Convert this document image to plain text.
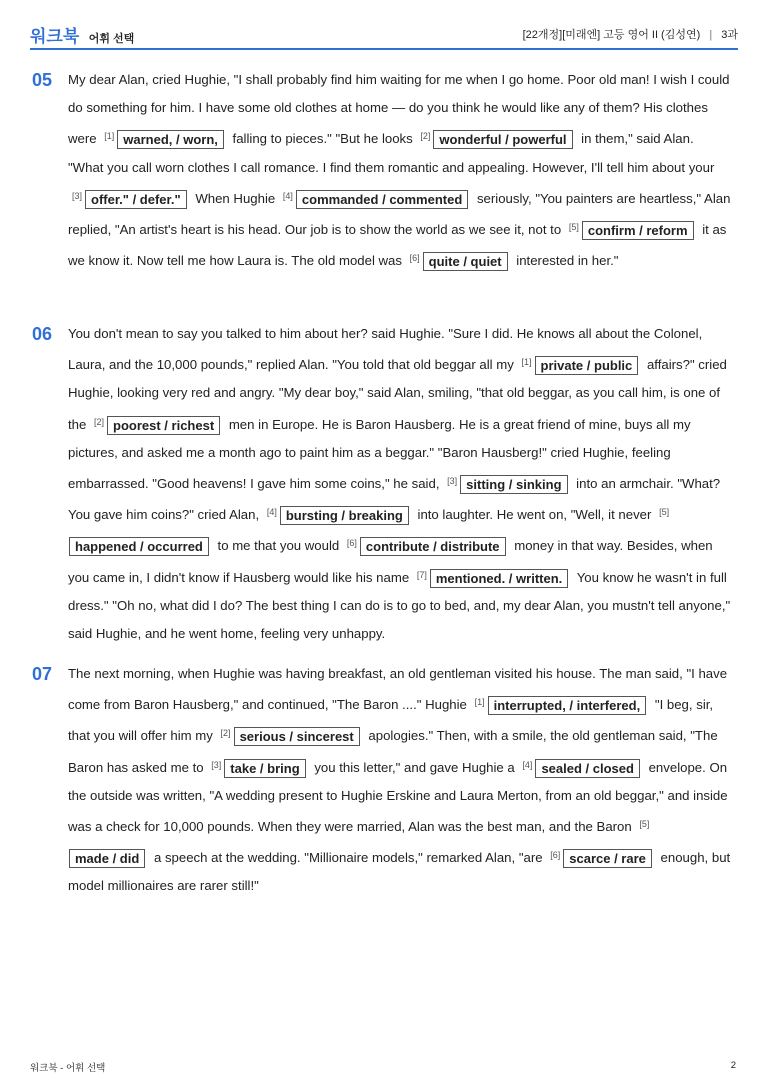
워크북 어휘 선택	[22개정][미래엔] 고등 영어 II (김성연) | 3과
05 My dear Alan, cried Hughie, "I shall probably find him waiting for me when I go home. Poor old man! I wish I could do something for him. I have some old clothes at home — do you think he would like any of them? His clothes were [1] warned, / worn, falling to pieces." "But he looks [2] wonderful / powerful in them," said Alan. "What you call worn clothes I call romance. I find them romantic and appealing. However, I'll tell him about your [3] offer." / defer." When Hughie [4] commanded / commented seriously, "You painters are heartless," Alan replied, "An artist's heart is his head. Our job is to show the world as we see it, not to [5] confirm / reform it as we know it. Now tell me how Laura is. The old model was [6] quite / quiet interested in her."
06 You don't mean to say you talked to him about her? said Hughie. "Sure I did. He knows all about the Colonel, Laura, and the 10,000 pounds," replied Alan. "You told that old beggar all my [1] private / public affairs?" cried Hughie, looking very red and angry. "My dear boy," said Alan, smiling, "that old beggar, as you call him, is one of the [2] poorest / richest men in Europe. He is Baron Hausberg. He is a great friend of mine, buys all my pictures, and asked me a month ago to paint him as a beggar." "Baron Hausberg!" cried Hughie, feeling embarrassed. "Good heavens! I gave him some coins," he said, [3] sitting / sinking into an armchair. "What? You gave him coins?" cried Alan, [4] bursting / breaking into laughter. He went on, "Well, it never [5]happened / occurred to me that you would [6] contribute / distribute money in that way. Besides, when you came in, I didn't know if Hausberg would like his name [7] mentioned. / written. You know he wasn't in full dress." "Oh no, what did I do? The best thing I can do is to go to bed, and, my dear Alan, you mustn't tell anyone," said Hughie, and he went home, feeling very unhappy.
07 The next morning, when Hughie was having breakfast, an old gentleman visited his house. The man said, "I have come from Baron Hausberg," and continued, "The Baron ...." Hughie [1] interrupted, / interfered, "I beg, sir, that you will offer him my [2] serious / sincerest apologies." Then, with a smile, the old gentleman said, "The Baron has asked me to [3] take / bring you this letter," and gave Hughie a [4] sealed / closed envelope. On the outside was written, "A wedding present to Hughie Erskine and Laura Merton, from an old beggar," and inside was a check for 10,000 pounds. When they were married, Alan was the best man, and the Baron [5]made / did a speech at the wedding. "Millionaire models," remarked Alan, "are [6] scarce / rare enough, but model millionaires are rarer still!"
워크북 - 어휘 선택	2
